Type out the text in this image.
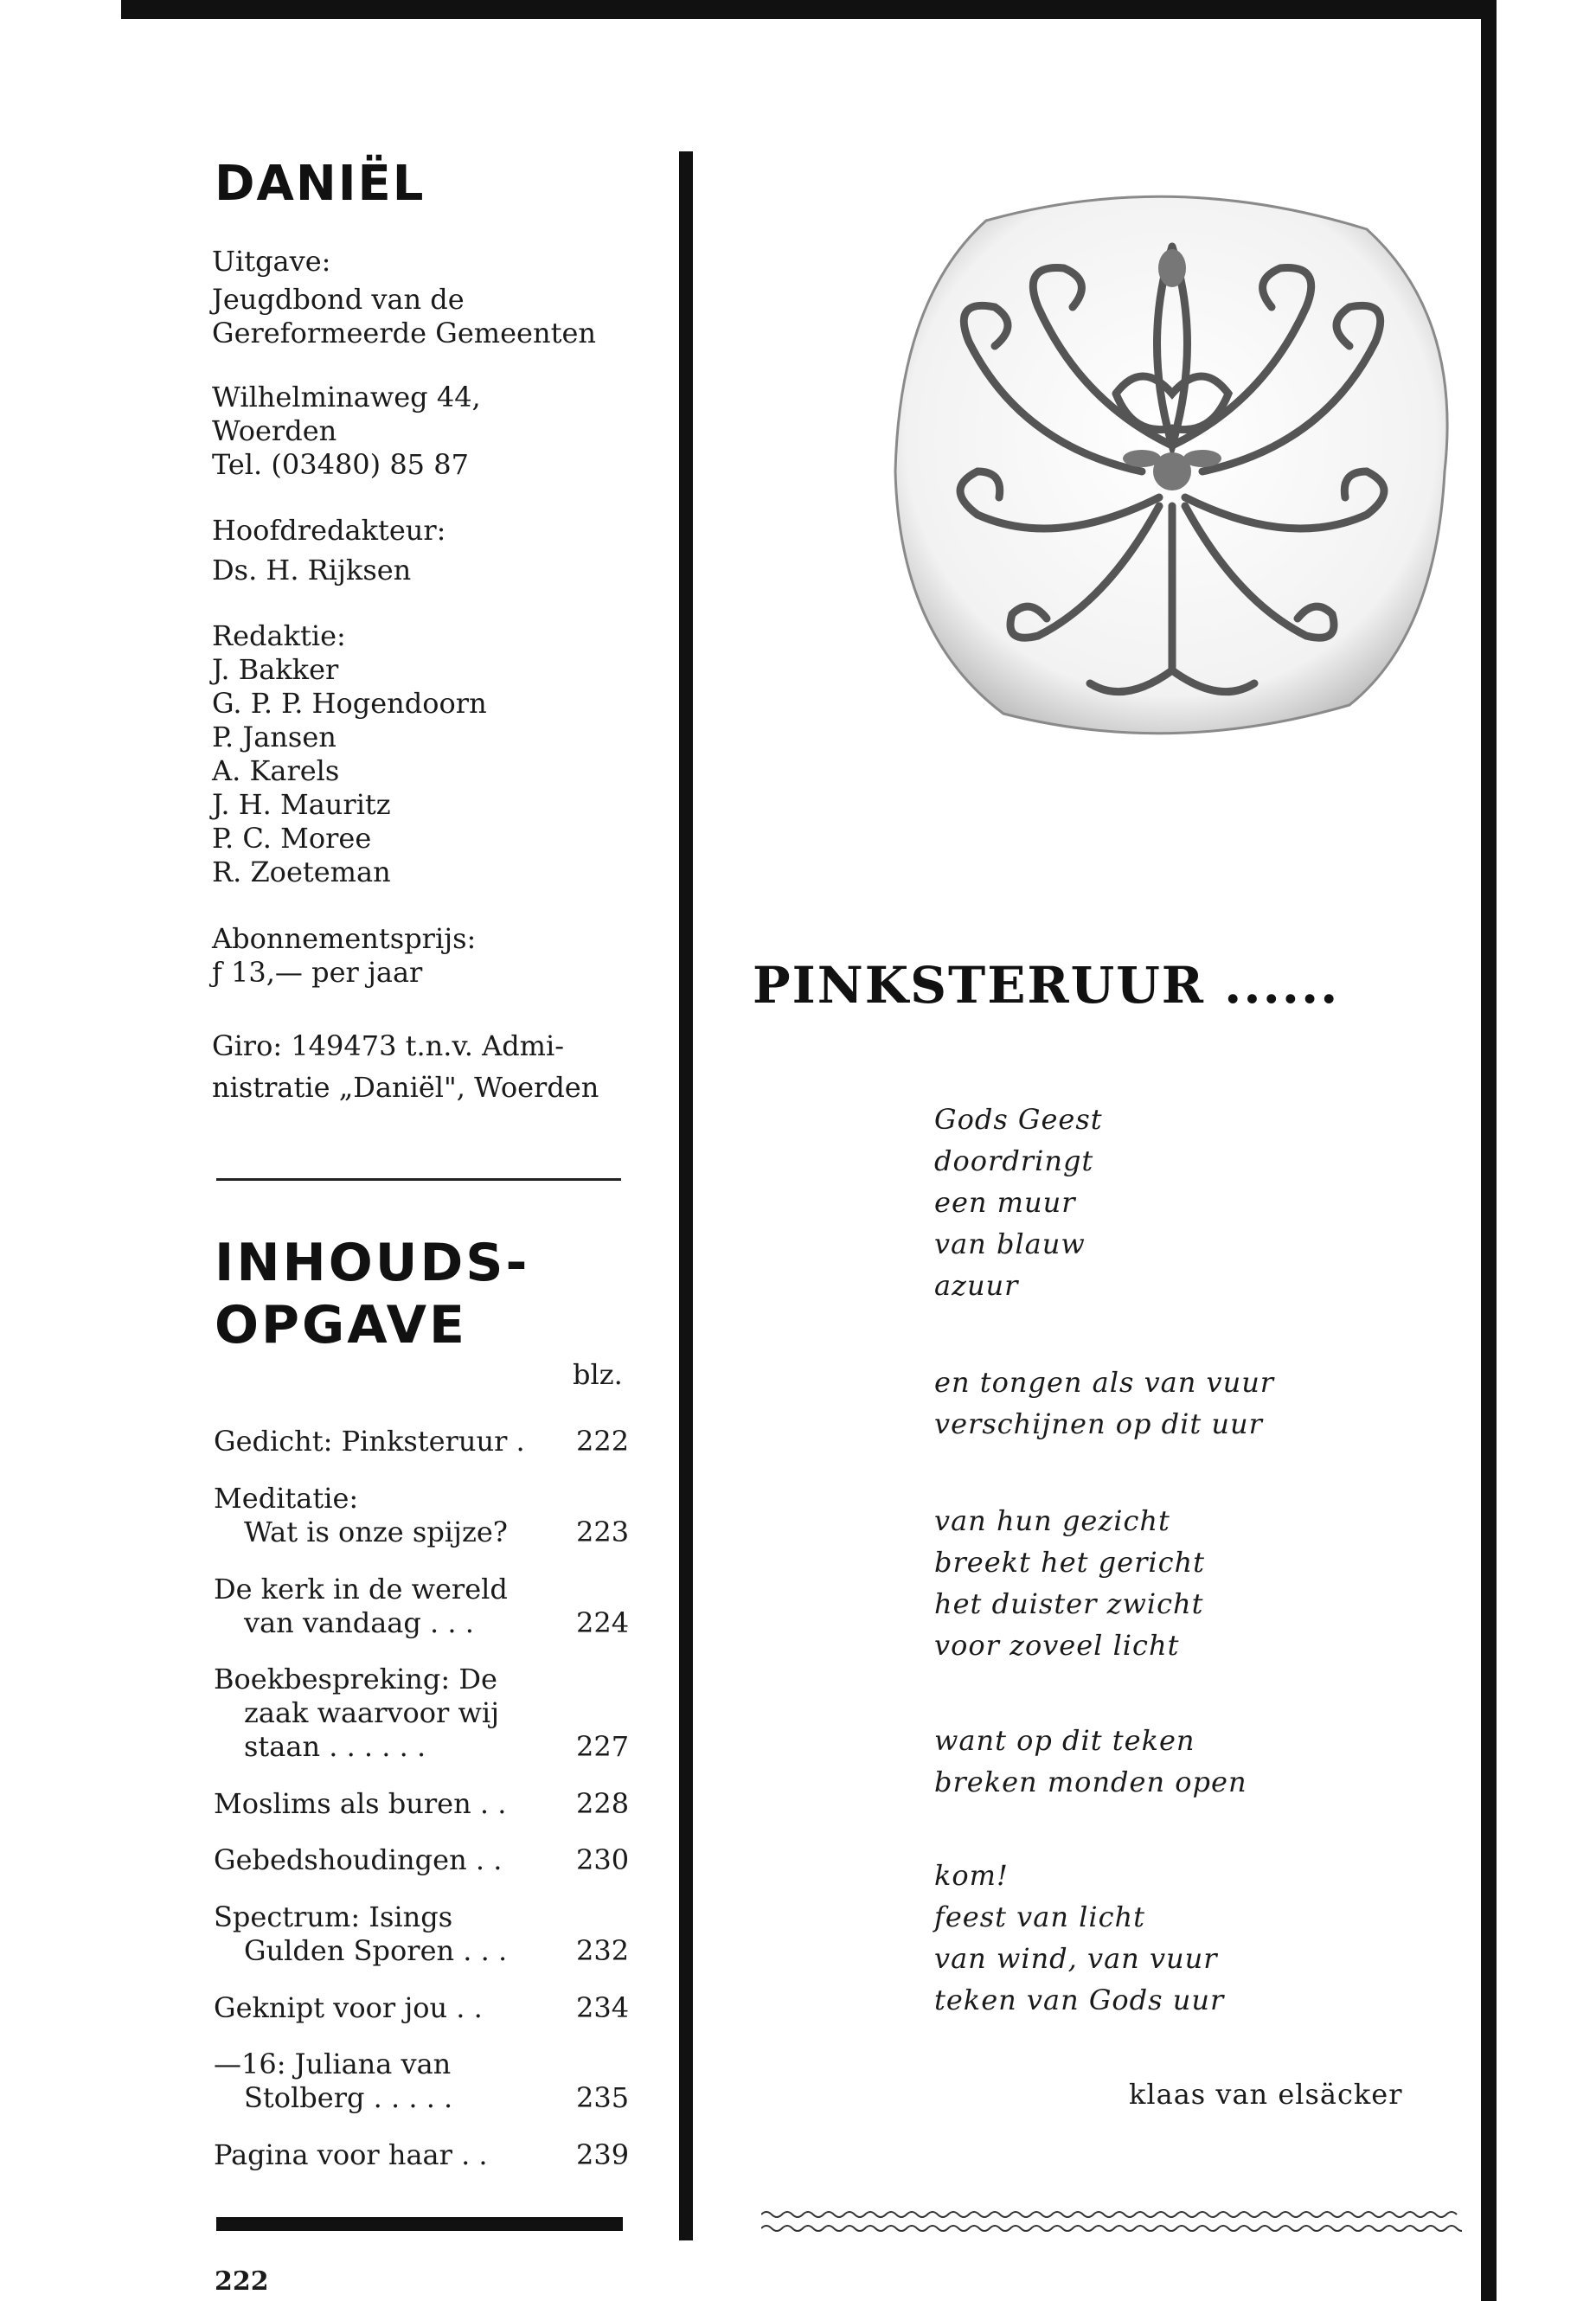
DANIËL
Uitgave:
Jeugdbond van de
Gereformeerde Gemeenten
Wilhelminaweg 44,
Woerden
Tel. (03480) 85 87
Hoofdredakteur:
Ds. H. Rijksen
Redaktie:
J. Bakker
G. P. P. Hogendoorn
P. Jansen
A. Karels
J. H. Mauritz
P. C. Moree
R. Zoeteman
Abonnementsprijs:
ƒ 13,— per jaar
Giro: 149473 t.n.v. Admi-
nistratie „Daniël", Woerden
INHOUDS-
OPGAVE
blz.
Gedicht: Pinksteruur . 222
Meditatie:
Wat is onze spijze? 223
De kerk in de wereld
van vandaag . . .	224
Boekbespreking: De
zaak waarvoor wij
staan . . . . . .	227
Moslims als buren . .	228
Gebedshoudingen . .	230
Spectrum: Isings
Gulden Sporen . . . 232
Geknipt voor jou . .	234
—16: Juliana van
Stolberg . . . . .	235
Pagina voor haar . .	239
222
PINKSTERUUR ......
Gods Geest
doordringt
een muur
van blauw
azuur
en tongen als van vuur
verschijnen op dit uur
van hun gezicht
breekt het gericht
het duister zwicht
voor zoveel licht
want op dit teken
breken monden open
kom!
feest van licht
van wind, van vuur
teken van Gods uur
klaas van elsäcker
